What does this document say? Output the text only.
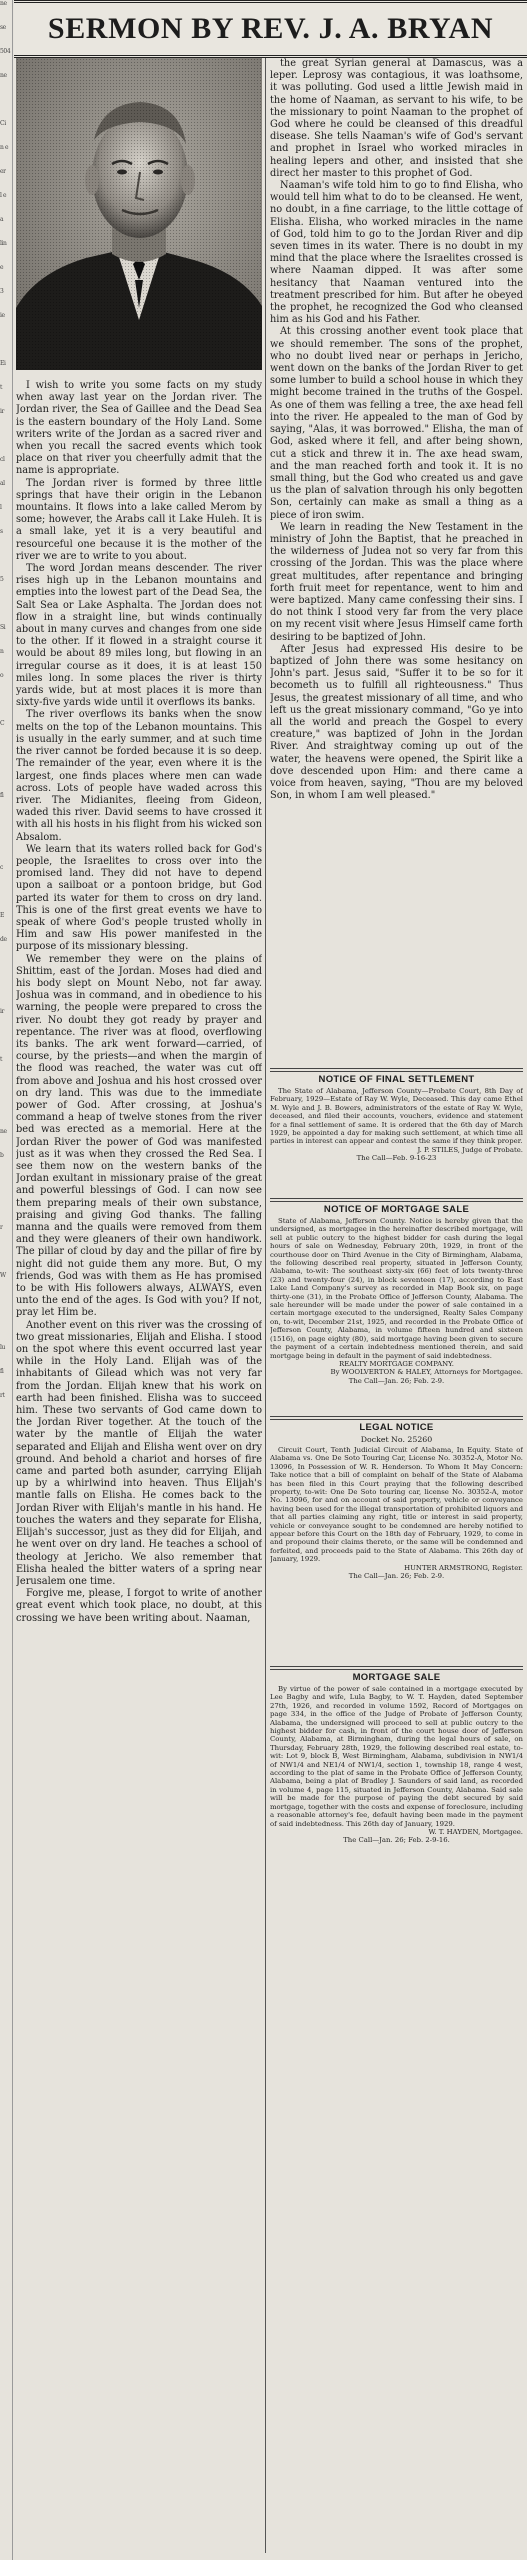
ne

se

504

ne

Ci

n e

er

l e

a

lin

e

3

ie

Ei

t

ir

cl

al

l

s

5

Si

n

o

C

fi

c

E

de

ir

t

ne

b

r

W

lu

fi

rt

SERMON BY REV. J. A. BRYAN

I wish to write you some facts on my study when away last year on the Jordan river. The Jordan river, the Sea of Gaillee and the Dead Sea is the eastern boundary of the Holy Land. Some writers write of the Jordan as a sacred river and when you recall the sacred events which took place on that river you cheerfully admit that the name is appropriate.

The Jordan river is formed by three little springs that have their origin in the Lebanon mountains. It flows into a lake called Merom by some; however, the Arabs call it Lake Huleh. It is a small lake, yet it is a very beautiful and resourceful one because it is the mother of the river we are to write to you about.

The word Jordan means descender. The river rises high up in the Lebanon mountains and empties into the lowest part of the Dead Sea, the Salt Sea or Lake Asphalta. The Jordan does not flow in a straight line, but winds continually about in many curves and changes from one side to the other. If it flowed in a straight course it would be about 89 miles long, but flowing in an irregular course as it does, it is at least 150 miles long. In some places the river is thirty yards wide, but at most places it is more than sixty-five yards wide until it overflows its banks.

The river overflows its banks when the snow melts on the top of the Lebanon mountains. This is usually in the early summer, and at such time the river cannot be forded because it is so deep. The remainder of the year, even where it is the largest, one finds places where men can wade across. Lots of people have waded across this river. The Midianites, fleeing from Gideon, waded this river. David seems to have crossed it with all his hosts in his flight from his wicked son Absalom.

We learn that its waters rolled back for God's people, the Israelites to cross over into the promised land. They did not have to depend upon a sailboat or a pontoon bridge, but God parted its water for them to cross on dry land. This is one of the first great events we have to speak of where God's people trusted wholly in Him and saw His power manifested in the purpose of its missionary blessing.

We remember they were on the plains of Shittim, east of the Jordan. Moses had died and his body slept on Mount Nebo, not far away. Joshua was in command, and in obedience to his warning, the people were prepared to cross the river. No doubt they got ready by prayer and repentance. The river was at flood, overflowing its banks. The ark went forward—carried, of course, by the priests—and when the margin of the flood was reached, the water was cut off from above and Joshua and his host crossed over on dry land. This was due to the immediate power of God. After crossing, at Joshua's command a heap of twelve stones from the river bed was erected as a memorial. Here at the Jordan River the power of God was manifested just as it was when they crossed the Red Sea. I see them now on the western banks of the Jordan exultant in missionary praise of the great and powerful blessings of God. I can now see them preparing meals of their own substance, praising and giving God thanks. The falling manna and the quails were removed from them and they were gleaners of their own handiwork. The pillar of cloud by day and the pillar of fire by night did not guide them any more. But, O my friends, God was with them as He has promised to be with His followers always, ALWAYS, even unto the end of the ages. Is God with you? If not, pray let Him be.

Another event on this river was the crossing of two great missionaries, Elijah and Elisha. I stood on the spot where this event occurred last year while in the Holy Land. Elijah was of the inhabitants of Gilead which was not very far from the Jordan. Elijah knew that his work on earth had been finished. Elisha was to succeed him. These two servants of God came down to the Jordan River together. At the touch of the water by the mantle of Elijah the water separated and Elijah and Elisha went over on dry ground. And behold a chariot and horses of fire came and parted both asunder, carrying Elijah up by a whirlwind into heaven. Thus Elijah's mantle falls on Elisha. He comes back to the Jordan River with Elijah's mantle in his hand. He touches the waters and they separate for Elisha, Elijah's successor, just as they did for Elijah, and he went over on dry land. He teaches a school of theology at Jericho. We also remember that Elisha healed the bitter waters of a spring near Jerusalem one time.

Forgive me, please, I forgot to write of another great event which took place, no doubt, at this crossing we have been writing about. Naaman,

the great Syrian general at Damascus, was a leper. Leprosy was contagious, it was loathsome, it was polluting. God used a little Jewish maid in the home of Naaman, as servant to his wife, to be the missionary to point Naaman to the prophet of God where he could be cleansed of this dreadful disease. She tells Naaman's wife of God's servant and prophet in Israel who worked miracles in healing lepers and other, and insisted that she direct her master to this prophet of God.

Naaman's wife told him to go to find Elisha, who would tell him what to do to be cleansed. He went, no doubt, in a fine carriage, to the little cottage of Elisha. Elisha, who worked miracles in the name of God, told him to go to the Jordan River and dip seven times in its water. There is no doubt in my mind that the place where the Israelites crossed is where Naaman dipped. It was after some hesitancy that Naaman ventured into the treatment prescribed for him. But after he obeyed the prophet, he recognized the God who cleansed him as his God and his Father.

At this crossing another event took place that we should remember. The sons of the prophet, who no doubt lived near or perhaps in Jericho, went down on the banks of the Jordan River to get some lumber to build a school house in which they might become trained in the truths of the Gospel. As one of them was felling a tree, the axe head fell into the river. He appealed to the man of God by saying, "Alas, it was borrowed." Elisha, the man of God, asked where it fell, and after being shown, cut a stick and threw it in. The axe head swam, and the man reached forth and took it. It is no small thing, but the God who created us and gave us the plan of salvation through his only begotten Son, certainly can make as small a thing as a piece of iron swim.

We learn in reading the New Testament in the ministry of John the Baptist, that he preached in the wilderness of Judea not so very far from this crossing of the Jordan. This was the place where great multitudes, after repentance and bringing forth fruit meet for repentance, went to him and were baptized. Many came confessing their sins. I do not think I stood very far from the very place on my recent visit where Jesus Himself came forth desiring to be baptized of John.

After Jesus had expressed His desire to be baptized of John there was some hesitancy on John's part. Jesus said, "Suffer it to be so for it becometh us to fulfill all righteousness." Thus Jesus, the greatest missionary of all time, and who left us the great missionary command, "Go ye into all the world and preach the Gospel to every creature," was baptized of John in the Jordan River. And straightway coming up out of the water, the heavens were opened, the Spirit like a dove descended upon Him: and there came a voice from heaven, saying, "Thou are my beloved Son, in whom I am well pleased."

NOTICE OF FINAL SETTLEMENT

The State of Alabama, Jefferson County—Probate Court, 8th Day of February, 1929—Estate of Ray W. Wyle, Deceased. This day came Ethel M. Wyle and J. B. Bowers, administrators of the estate of Ray W. Wyle, deceased, and filed their accounts, vouchers, evidence and statement for a final settlement of same. It is ordered that the 6th day of March 1929, be appointed a day for making such settlement, at which time all parties in interest can appear and contest the same if they think proper.

J. P. STILES, Judge of Probate.

The Call—Feb. 9-16-23

NOTICE OF MORTGAGE SALE

State of Alabama, Jefferson County. Notice is hereby given that the undersigned, as mortgagee in the hereinafter described mortgage, will sell at public outcry to the highest bidder for cash during the legal hours of sale on Wednesday, February 20th, 1929, in front of the courthouse door on Third Avenue in the City of Birmingham, Alabama, the following described real property, situated in Jefferson County, Alabama, to-wit: The southeast sixty-six (66) feet of lots twenty-three (23) and twenty-four (24), in block seventeen (17), according to East Lake Land Company's survey as recorded in Map Book six, on page thirty-one (31), in the Probate Office of Jefferson County, Alabama. The sale hereunder will be made under the power of sale contained in a certain mortgage executed to the undersigned, Realty Sales Company on, to-wit, December 21st, 1925, and recorded in the Probate Office of Jefferson County, Alabama, in volume fifteen hundred and sixteen (1516), on page eighty (80), said mortgage having been given to secure the payment of a certain indebtedness mentioned therein, and said mortgage being in default in the payment of said indebtedness.

REALTY MORTGAGE COMPANY.

By WOOLVERTON & HALEY, Attorneys for Mortgagee.

The Call—Jan. 26; Feb. 2-9.

LEGAL NOTICE
Docket No. 25260

Circuit Court, Tenth Judicial Circuit of Alabama, In Equity. State of Alabama vs. One De Soto Touring Car, License No. 30352-A, Motor No. 13096, In Possession of W. R. Henderson. To Whom It May Concern: Take notice that a bill of complaint on behalf of the State of Alabama has been filed in this Court praying that the following described property, to-wit: One De Soto touring car, license No. 30352-A, motor No. 13096, for and on account of said property, vehicle or conveyance having been used for the illegal transportation of prohibited liquors and that all parties claiming any right, title or interest in said property, vehicle or conveyance sought to be condemned are hereby notified to appear before this Court on the 18th day of February, 1929, to come in and propound their claims thereto, or the same will be condemned and forfeited, and proceeds paid to the State of Alabama. This 26th day of January, 1929.

HUNTER ARMSTRONG, Register.

The Call—Jan. 26; Feb. 2-9.

MORTGAGE SALE

By virtue of the power of sale contained in a mortgage executed by Lee Bagby and wife, Lula Bagby, to W. T. Hayden, dated September 27th, 1926, and recorded in volume 1592, Record of Mortgages on page 334, in the office of the Judge of Probate of Jefferson County, Alabama, the undersigned will proceed to sell at public outcry to the highest bidder for cash, in front of the court house door of Jefferson County, Alabama, at Birmingham, during the legal hours of sale, on Thursday, February 28th, 1929, the following described real estate, to-wit: Lot 9, block B, West Birmingham, Alabama, subdivision in NW1/4 of NW1/4 and NE1/4 of NW1/4, section 1, township 18, range 4 west, according to the plat of same in the Probate Office of Jefferson County, Alabama, being a plat of Bradley J. Saunders of said land, as recorded in volume 4, page 115, situated in Jefferson County, Alabama. Said sale will be made for the purpose of paying the debt secured by said mortgage, together with the costs and expense of foreclosure, including a reasonable attorney's fee, default having been made in the payment of said indebtedness. This 26th day of January, 1929.

W. T. HAYDEN, Mortgagee.

The Call—Jan. 26; Feb. 2-9-16.
